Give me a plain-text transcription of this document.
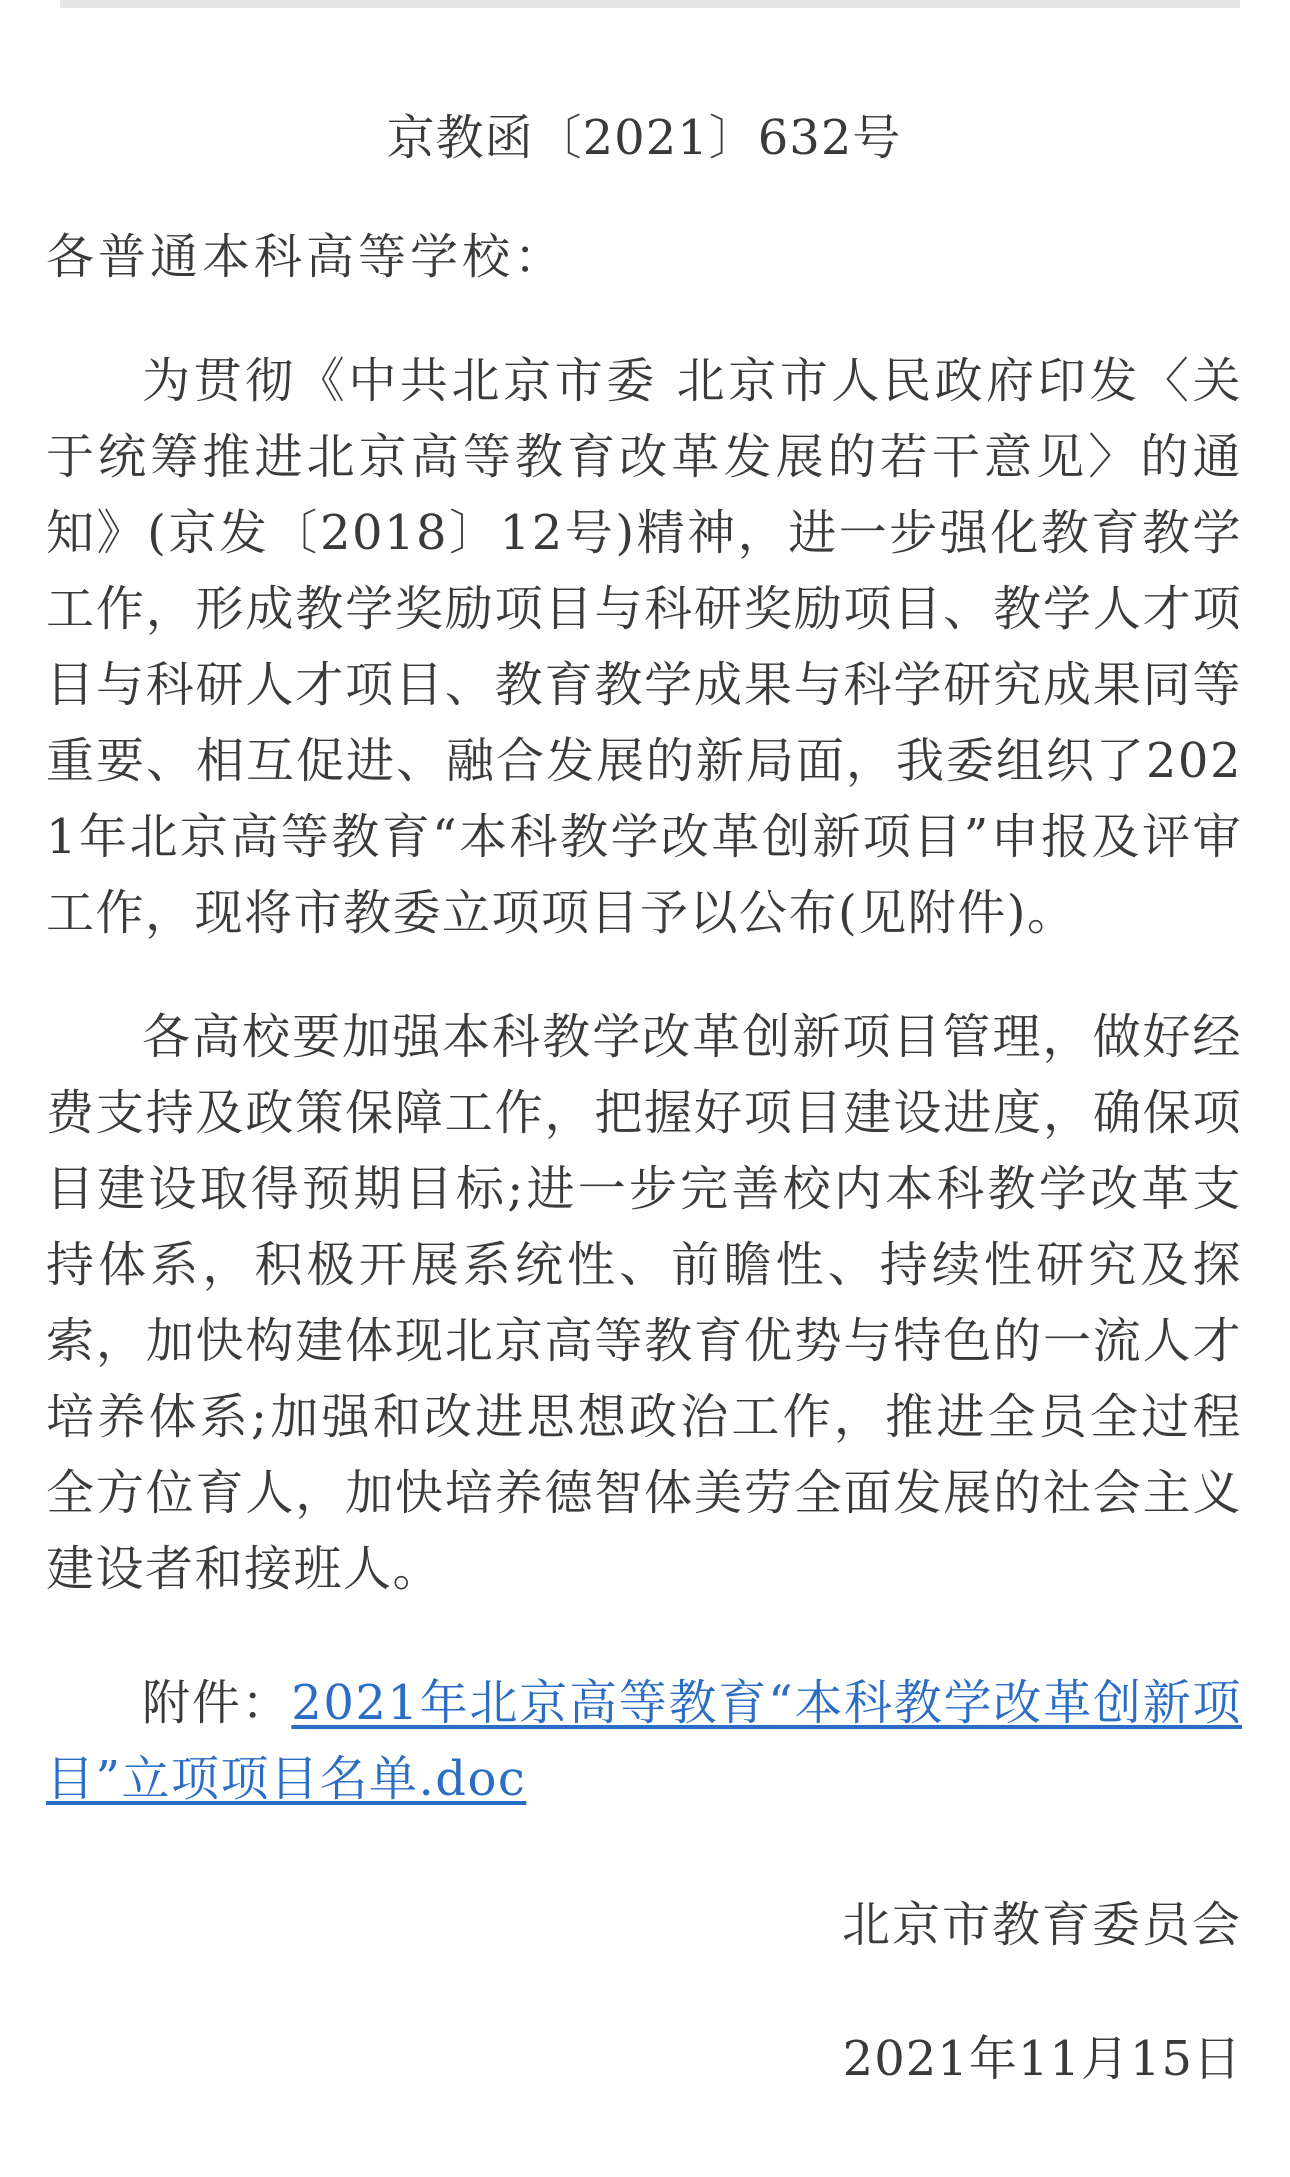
京教函〔2021〕632号

各普通本科高等学校：

为贯彻《中共北京市委 北京市人民政府印发〈关于统筹推进北京高等教育改革发展的若干意见〉的通知》(京发〔2018〕12号)精神，进一步强化教育教学工作，形成教学奖励项目与科研奖励项目、教学人才项目与科研人才项目、教育教学成果与科学研究成果同等重要、相互促进、融合发展的新局面，我委组织了2021年北京高等教育“本科教学改革创新项目”申报及评审工作，现将市教委立项项目予以公布(见附件)。

各高校要加强本科教学改革创新项目管理，做好经费支持及政策保障工作，把握好项目建设进度，确保项目建设取得预期目标;进一步完善校内本科教学改革支持体系，积极开展系统性、前瞻性、持续性研究及探索，加快构建体现北京高等教育优势与特色的一流人才培养体系;加强和改进思想政治工作，推进全员全过程全方位育人，加快培养德智体美劳全面发展的社会主义建设者和接班人。

附件：2021年北京高等教育“本科教学改革创新项目”立项项目名单.doc

北京市教育委员会

2021年11月15日
